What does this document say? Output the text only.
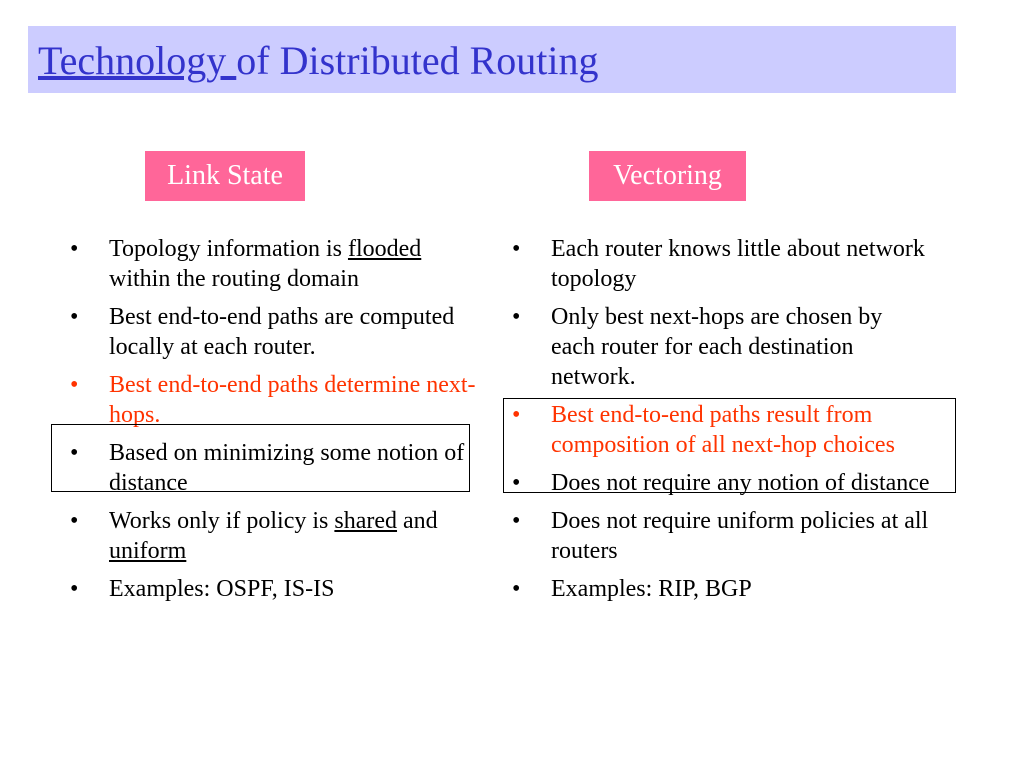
Technology of Distributed Routing
Link State	Vectoring
• Topology information is flooded within the routing domain
• Best end-to-end paths are computed locally at each router.
• Best end-to-end paths determine next-hops.
• Based on minimizing some notion of distance
• Works only if policy is shared and uniform
• Examples: OSPF, IS-IS
• Each router knows little about network topology
• Only best next-hops are chosen by each router for each destination network.
• Best end-to-end paths result from composition of all next-hop choices
• Does not require any notion of distance
• Does not require uniform policies at all routers
• Examples: RIP, BGP
